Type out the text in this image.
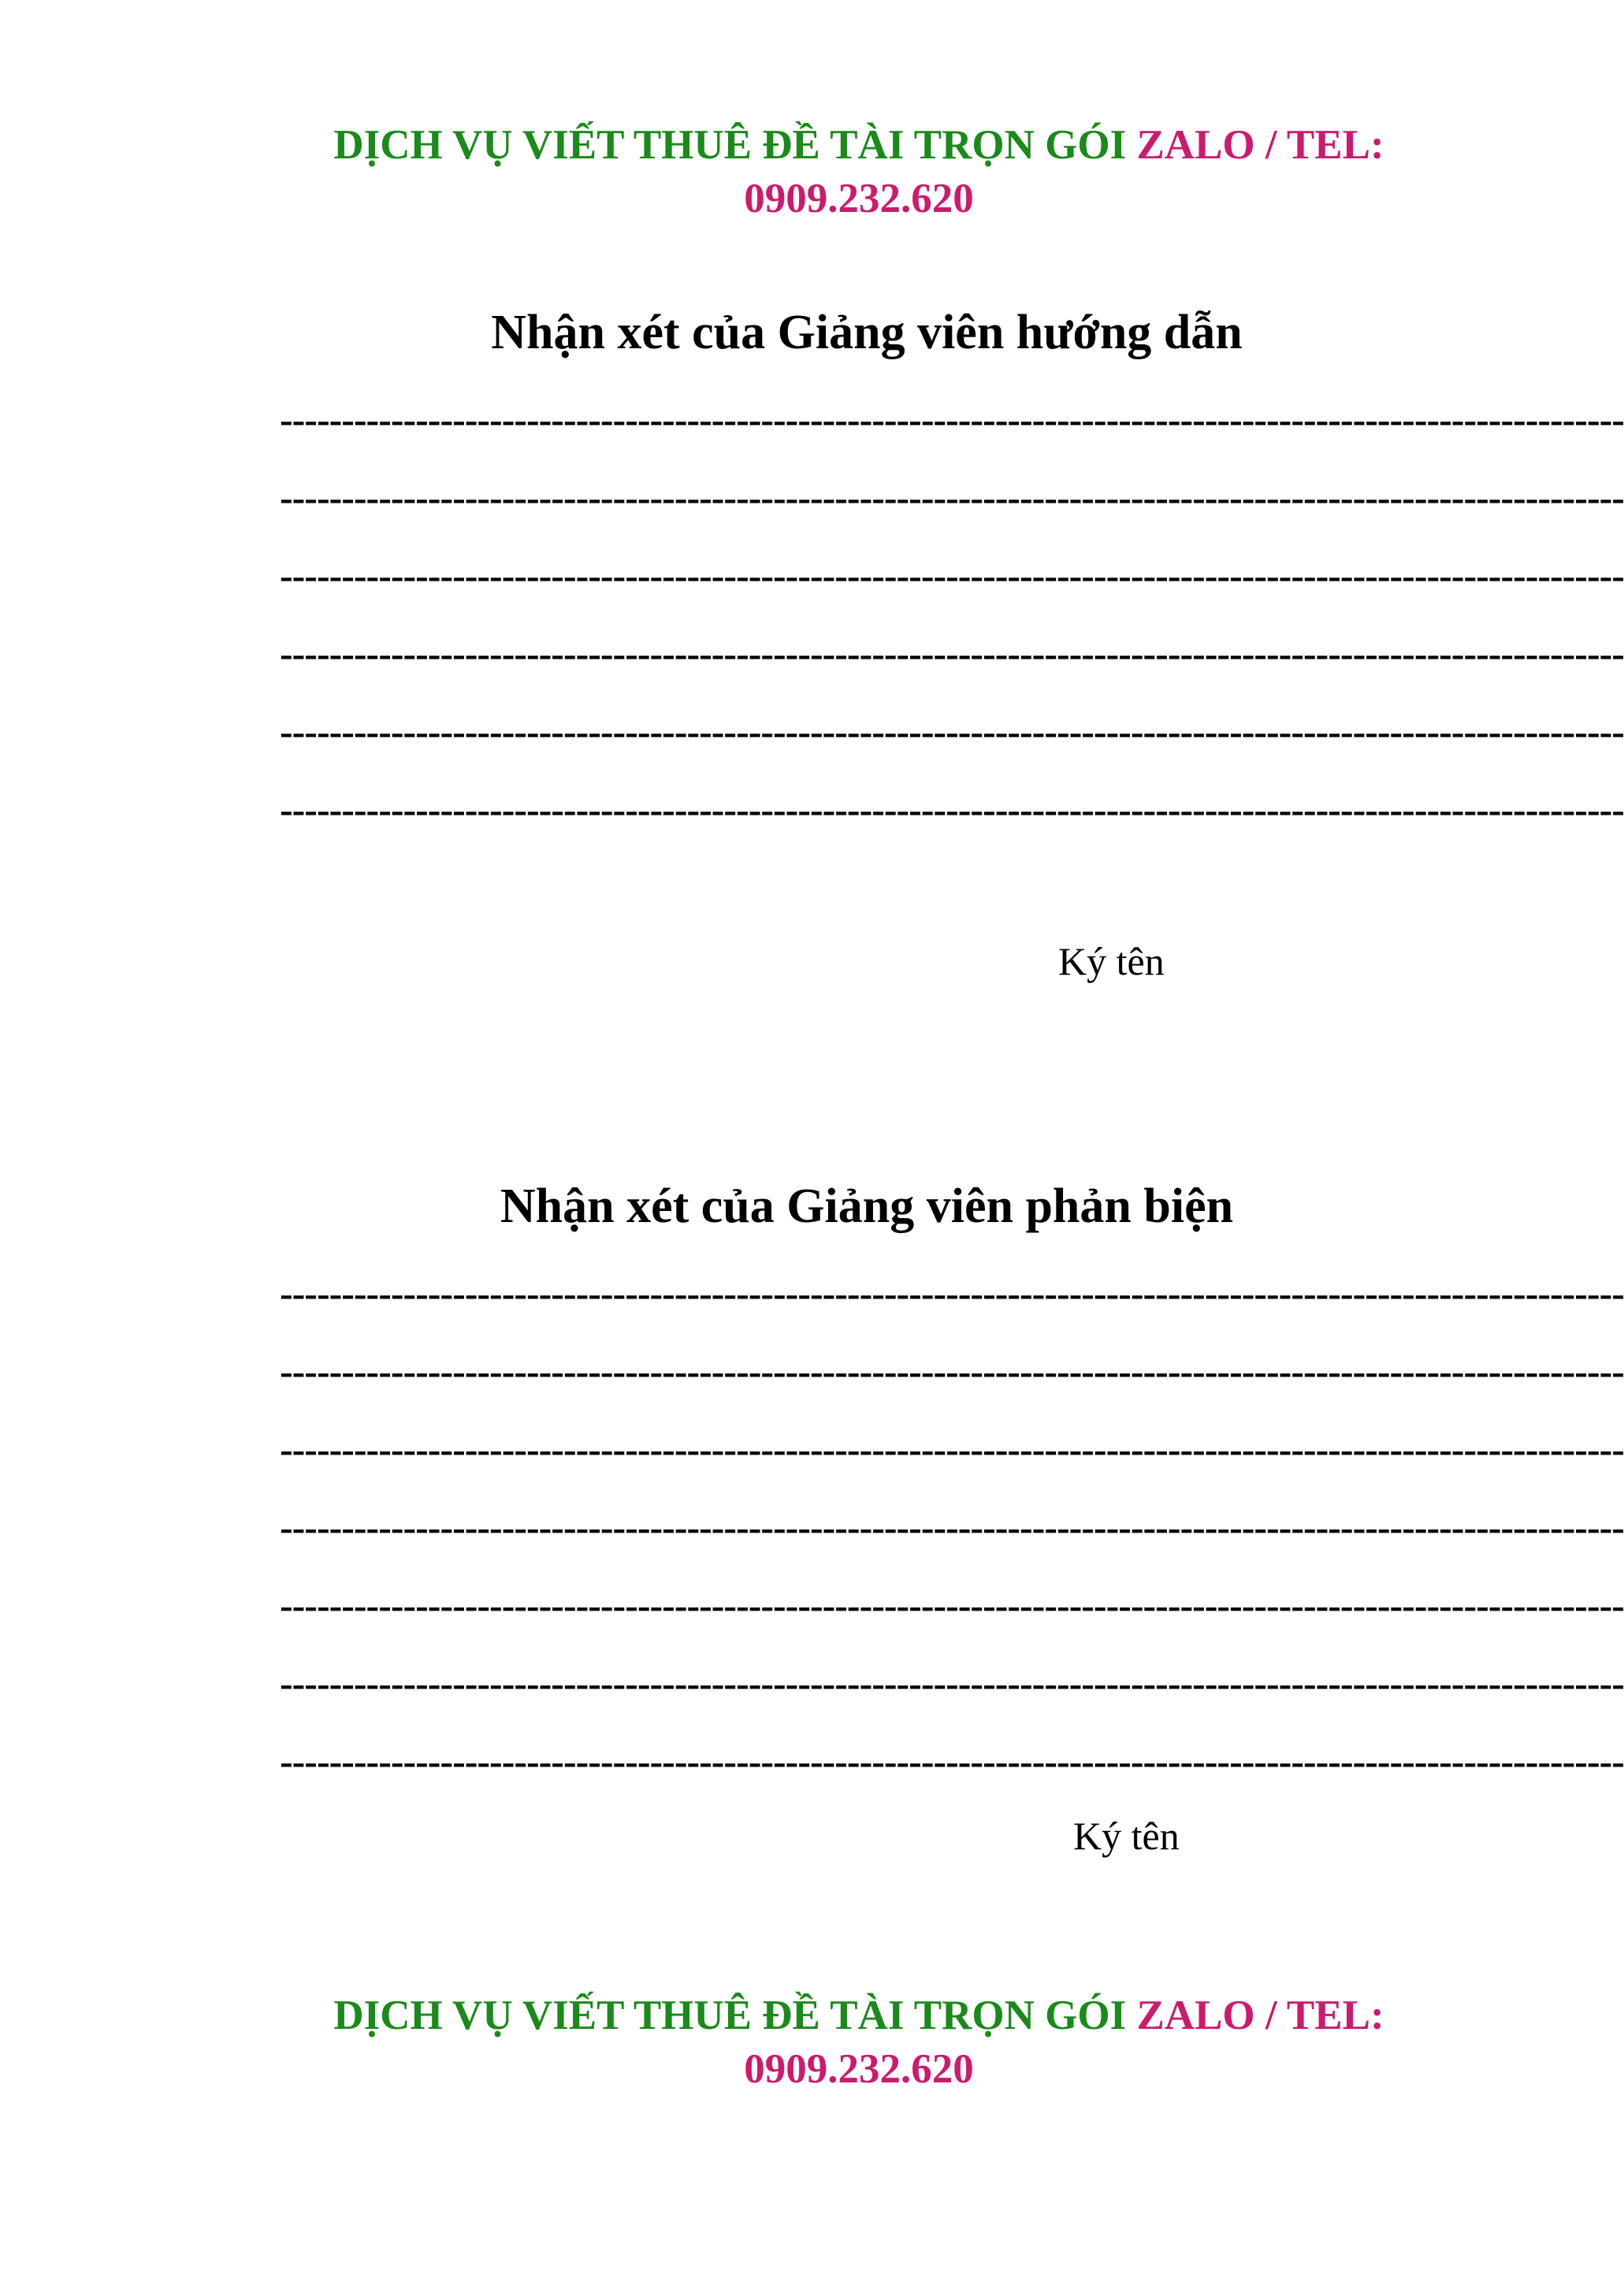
DỊCH VỤ VIẾT THUÊ ĐỀ TÀI TRỌN GÓI ZALO / TEL:
0909.232.620
Nhận xét của Giảng viên hướng dẫn
-------------------------------------------------------------------------------------------------------------
-------------------------------------------------------------------------------------------------------------
-------------------------------------------------------------------------------------------------------------
-------------------------------------------------------------------------------------------------------------
-------------------------------------------------------------------------------------------------------------
-------------------------------------------------------------------------------------------------------------
Ký tên
Nhận xét của Giảng viên phản biện
-------------------------------------------------------------------------------------------------------------
-------------------------------------------------------------------------------------------------------------
-------------------------------------------------------------------------------------------------------------
-------------------------------------------------------------------------------------------------------------
-------------------------------------------------------------------------------------------------------------
-------------------------------------------------------------------------------------------------------------
-------------------------------------------------------------------------------------------------------------
Ký tên
DỊCH VỤ VIẾT THUÊ ĐỀ TÀI TRỌN GÓI ZALO / TEL:
0909.232.620
